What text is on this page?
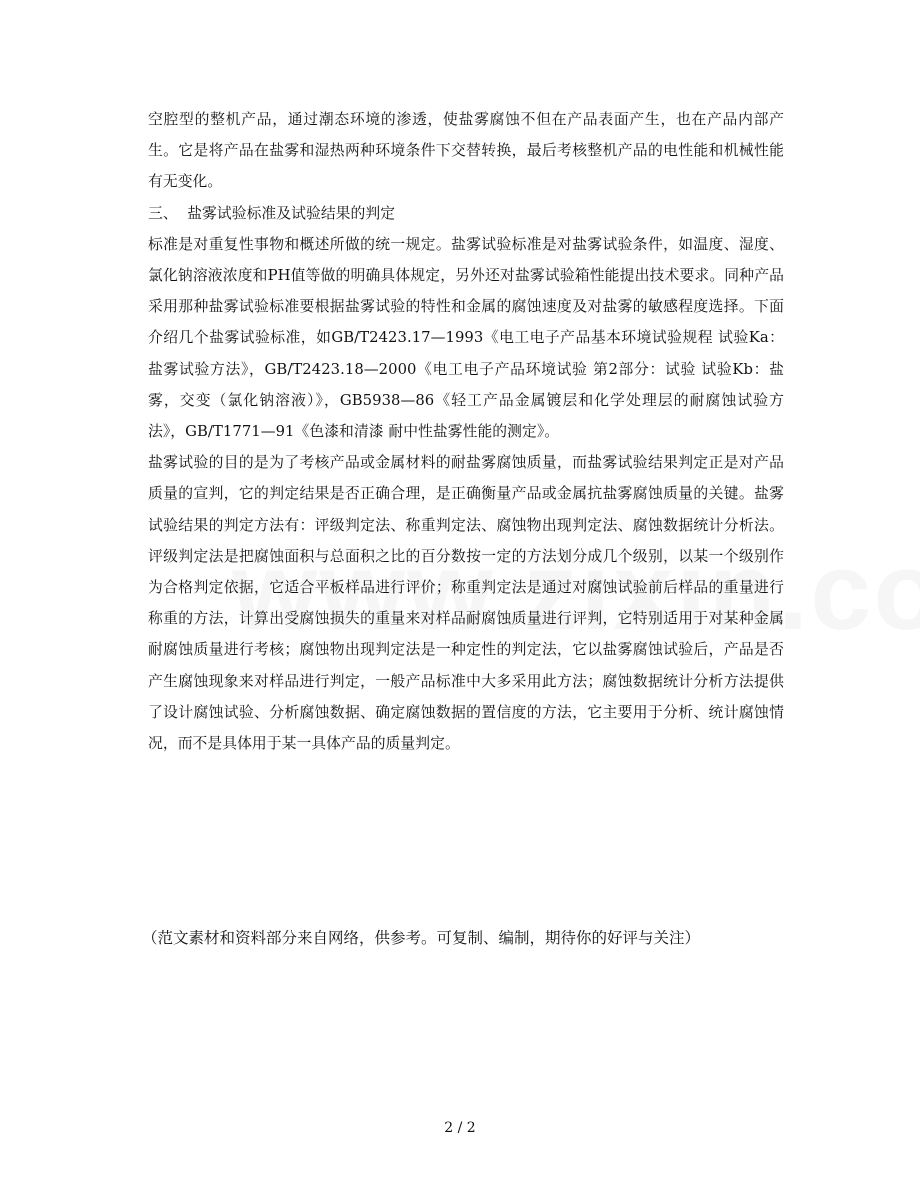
空腔型的整机产品，通过潮态环境的渗透，使盐雾腐蚀不但在产品表面产生，也在产品内部产生。它是将产品在盐雾和湿热两种环境条件下交替转换，最后考核整机产品的电性能和机械性能有无变化。

三、  盐雾试验标准及试验结果的判定

标准是对重复性事物和概述所做的统一规定。盐雾试验标准是对盐雾试验条件，如温度、湿度、氯化钠溶液浓度和PH值等做的明确具体规定，另外还对盐雾试验箱性能提出技术要求。同种产品采用那种盐雾试验标准要根据盐雾试验的特性和金属的腐蚀速度及对盐雾的敏感程度选择。下面介绍几个盐雾试验标准，如GB/T2423.17—1993《电工电子产品基本环境试验规程 试验Ka：盐雾试验方法》，GB/T2423.18—2000《电工电子产品环境试验 第2部分：试验 试验Kb：盐雾，交变（氯化钠溶液）》，GB5938—86《轻工产品金属镀层和化学处理层的耐腐蚀试验方法》，GB/T1771—91《色漆和清漆 耐中性盐雾性能的测定》。

盐雾试验的目的是为了考核产品或金属材料的耐盐雾腐蚀质量，而盐雾试验结果判定正是对产品质量的宣判，它的判定结果是否正确合理，是正确衡量产品或金属抗盐雾腐蚀质量的关键。盐雾试验结果的判定方法有：评级判定法、称重判定法、腐蚀物出现判定法、腐蚀数据统计分析法。评级判定法是把腐蚀面积与总面积之比的百分数按一定的方法划分成几个级别，以某一个级别作为合格判定依据，它适合平板样品进行评价；称重判定法是通过对腐蚀试验前后样品的重量进行称重的方法，计算出受腐蚀损失的重量来对样品耐腐蚀质量进行评判，它特别适用于对某种金属耐腐蚀质量进行考核；腐蚀物出现判定法是一种定性的判定法，它以盐雾腐蚀试验后，产品是否产生腐蚀现象来对样品进行判定，一般产品标准中大多采用此方法；腐蚀数据统计分析方法提供了设计腐蚀试验、分析腐蚀数据、确定腐蚀数据的置信度的方法，它主要用于分析、统计腐蚀情况，而不是具体用于某一具体产品的质量判定。

（范文素材和资料部分来自网络，供参考。可复制、编制，期待你的好评与关注）
2 / 2
